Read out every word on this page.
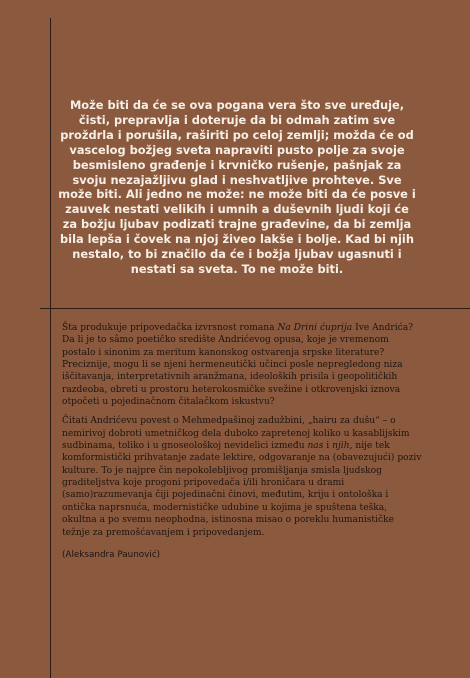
Može biti da će se ova pogana vera što sve uređuje, čisti, prepravlja i doteruje da bi odmah zatim sve proždrla i porušila, raširiti po celoj zemlji; možda će od vascelog božjeg sveta napraviti pusto polje za svoje besmisleno građenje i krvničko rušenje, pašnjak za svoju nezajažljivu glad i neshvatljive prohteve. Sve može biti. Ali jedno ne može: ne može biti da će posve i zauvek nestati velikih i umnih a duševnih ljudi koji će za božju ljubav podizati trajne građevine, da bi zemlja bila lepša i čovek na njoj živeo lakše i bolje. Kad bi njih nestalo, to bi značilo da će i božja ljubav ugasnuti i nestati sa sveta. To ne može biti.

Šta produkuje pripovedačka izvrsnost romana Na Drini ćuprija Ive Andrića? Da li je to sâmo poetičko središte Andrićevog opusa, koje je vremenom postalo i sinonim za meritum kanonskog ostvarenja srpske literature? Preciznije, mogu li se njeni hermeneutički učinci posle nepregledong niza iščitavanja, interpretativnih aranžmana, ideoloških prisila i geopolitičkih razdeoba, obreti u prostoru heterokosmičke svežine i otkrovenjski iznova otpočeti u pojedinačnom čitalačkom iskustvu?

Čitati Andrićevu povest o Mehmedpašinoj zadužbini, „hairu za dušu“ – o nemirivoj dobroti umetničkog dela duboko zapretenoj koliko u kasablijskim sudbinama, toliko i u gnoseološkoj nevidelici između nas i njih, nije tek komformistički prihvatanje zadate lektire, odgovaranje na (obavezujući) poziv kulture. To je najpre čin nepokolebljivog promišljanja smisla ljudskog graditeljstva koje progoni pripovedača i/ili hroničara u drami (samo)razumevanja čiji pojedinačni činovi, međutim, kriju i ontološka i ontička naprsnuća, modernističke udubine u kojima je spuštena teška, okultna a po svemu neophodna, istinosna misao o poreklu humanističke težnje za premošćavanjem i pripovedanjem.

(Aleksandra Paunović)
